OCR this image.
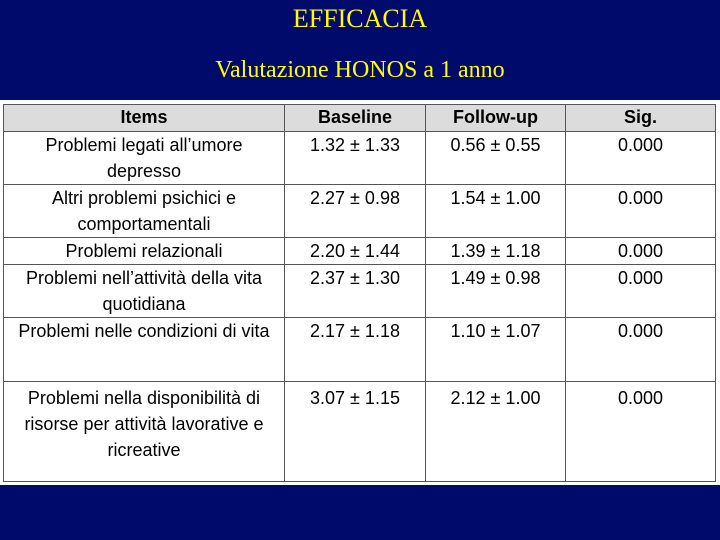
EFFICACIA
Valutazione HONOS a 1 anno
Items	Baseline	Follow-up	Sig.
Problemi legati all’umore depresso	1.32 ± 1.33	0.56 ± 0.55	0.000
Altri problemi psichici e comportamentali	2.27 ± 0.98	1.54 ± 1.00	0.000
Problemi relazionali	2.20 ± 1.44	1.39 ± 1.18	0.000
Problemi nell’attività della vita quotidiana	2.37 ± 1.30	1.49 ± 0.98	0.000
Problemi nelle condizioni di vita	2.17 ± 1.18	1.10 ± 1.07	0.000
Problemi nella disponibilità di risorse per attività lavorative e ricreative	3.07 ± 1.15	2.12 ± 1.00	0.000
